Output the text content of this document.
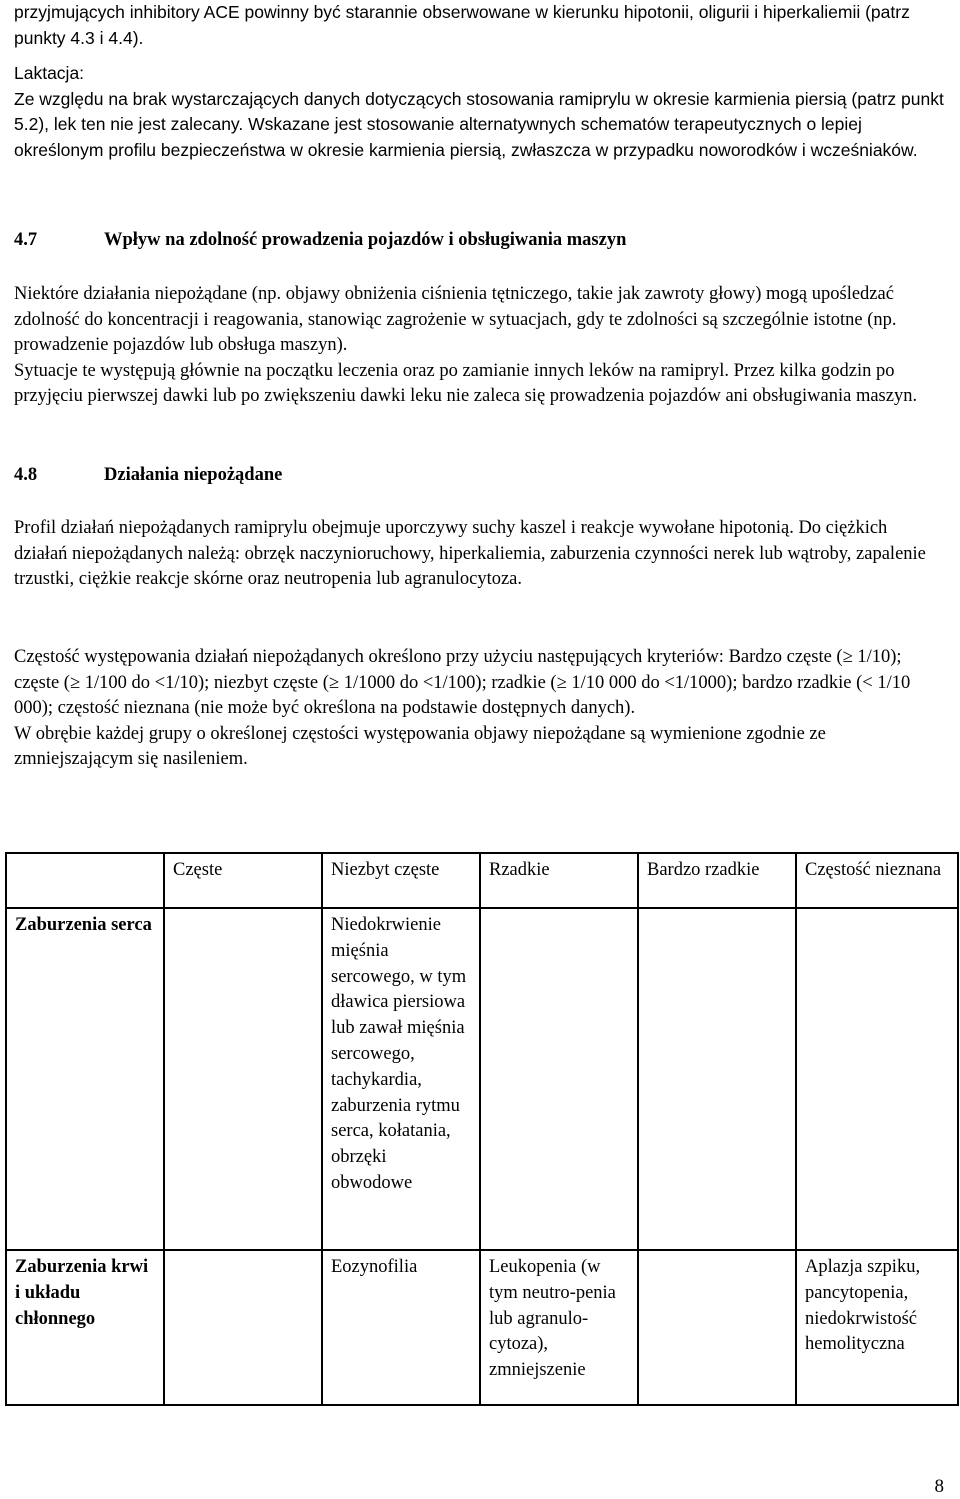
przyjmujących inhibitory ACE powinny być starannie obserwowane w kierunku hipotonii, oligurii i hiperkaliemii (patrz punkty 4.3 i 4.4).

Laktacja:

Ze względu na brak wystarczających danych dotyczących stosowania ramiprylu w okresie karmienia piersią (patrz punkt 5.2), lek ten nie jest zalecany. Wskazane jest stosowanie alternatywnych schematów terapeutycznych o lepiej określonym profilu bezpieczeństwa w okresie karmienia piersią, zwłaszcza w przypadku noworodków i wcześniaków.

4.7	Wpływ na zdolność prowadzenia pojazdów i obsługiwania maszyn

Niektóre działania niepożądane (np. objawy obniżenia ciśnienia tętniczego, takie jak zawroty głowy) mogą upośledzać zdolność do koncentracji i reagowania, stanowiąc zagrożenie w sytuacjach, gdy te zdolności są szczególnie istotne (np. prowadzenie pojazdów lub obsługa maszyn).

Sytuacje te występują głównie na początku leczenia oraz po zamianie innych leków na ramipryl. Przez kilka godzin po przyjęciu pierwszej dawki lub po zwiększeniu dawki leku nie zaleca się prowadzenia pojazdów ani obsługiwania maszyn.

4.8	Działania niepożądane

Profil działań niepożądanych ramiprylu obejmuje uporczywy suchy kaszel i reakcje wywołane hipotonią. Do ciężkich działań niepożądanych należą: obrzęk naczynioruchowy, hiperkaliemia, zaburzenia czynności nerek lub wątroby, zapalenie trzustki, ciężkie reakcje skórne oraz neutropenia lub agranulocytoza.

Częstość występowania działań niepożądanych określono przy użyciu następujących kryteriów: Bardzo częste (≥ 1/10); częste (≥ 1/100 do <1/10); niezbyt częste (≥ 1/1000 do <1/100); rzadkie (≥ 1/10 000 do <1/1000); bardzo rzadkie (< 1/10 000); częstość nieznana (nie może być określona na podstawie dostępnych danych).

W obrębie każdej grupy o określonej częstości występowania objawy niepożądane są wymienione zgodnie ze zmniejszającym się nasileniem.

	Częste	Niezbyt częste	Rzadkie	Bardzo rzadkie	Częstość nieznana
Zaburzenia serca		Niedokrwienie mięśnia sercowego, w tym dławica piersiowa lub zawał mięśnia sercowego, tachykardia, zaburzenia rytmu serca, kołatania, obrzęki obwodowe			
Zaburzenia krwi i układu chłonnego		Eozynofilia	Leukopenia (w tym neutro-penia lub agranulo-cytoza), zmniejszenie		Aplazja szpiku, pancytopenia, niedokrwistość hemolityczna
8
